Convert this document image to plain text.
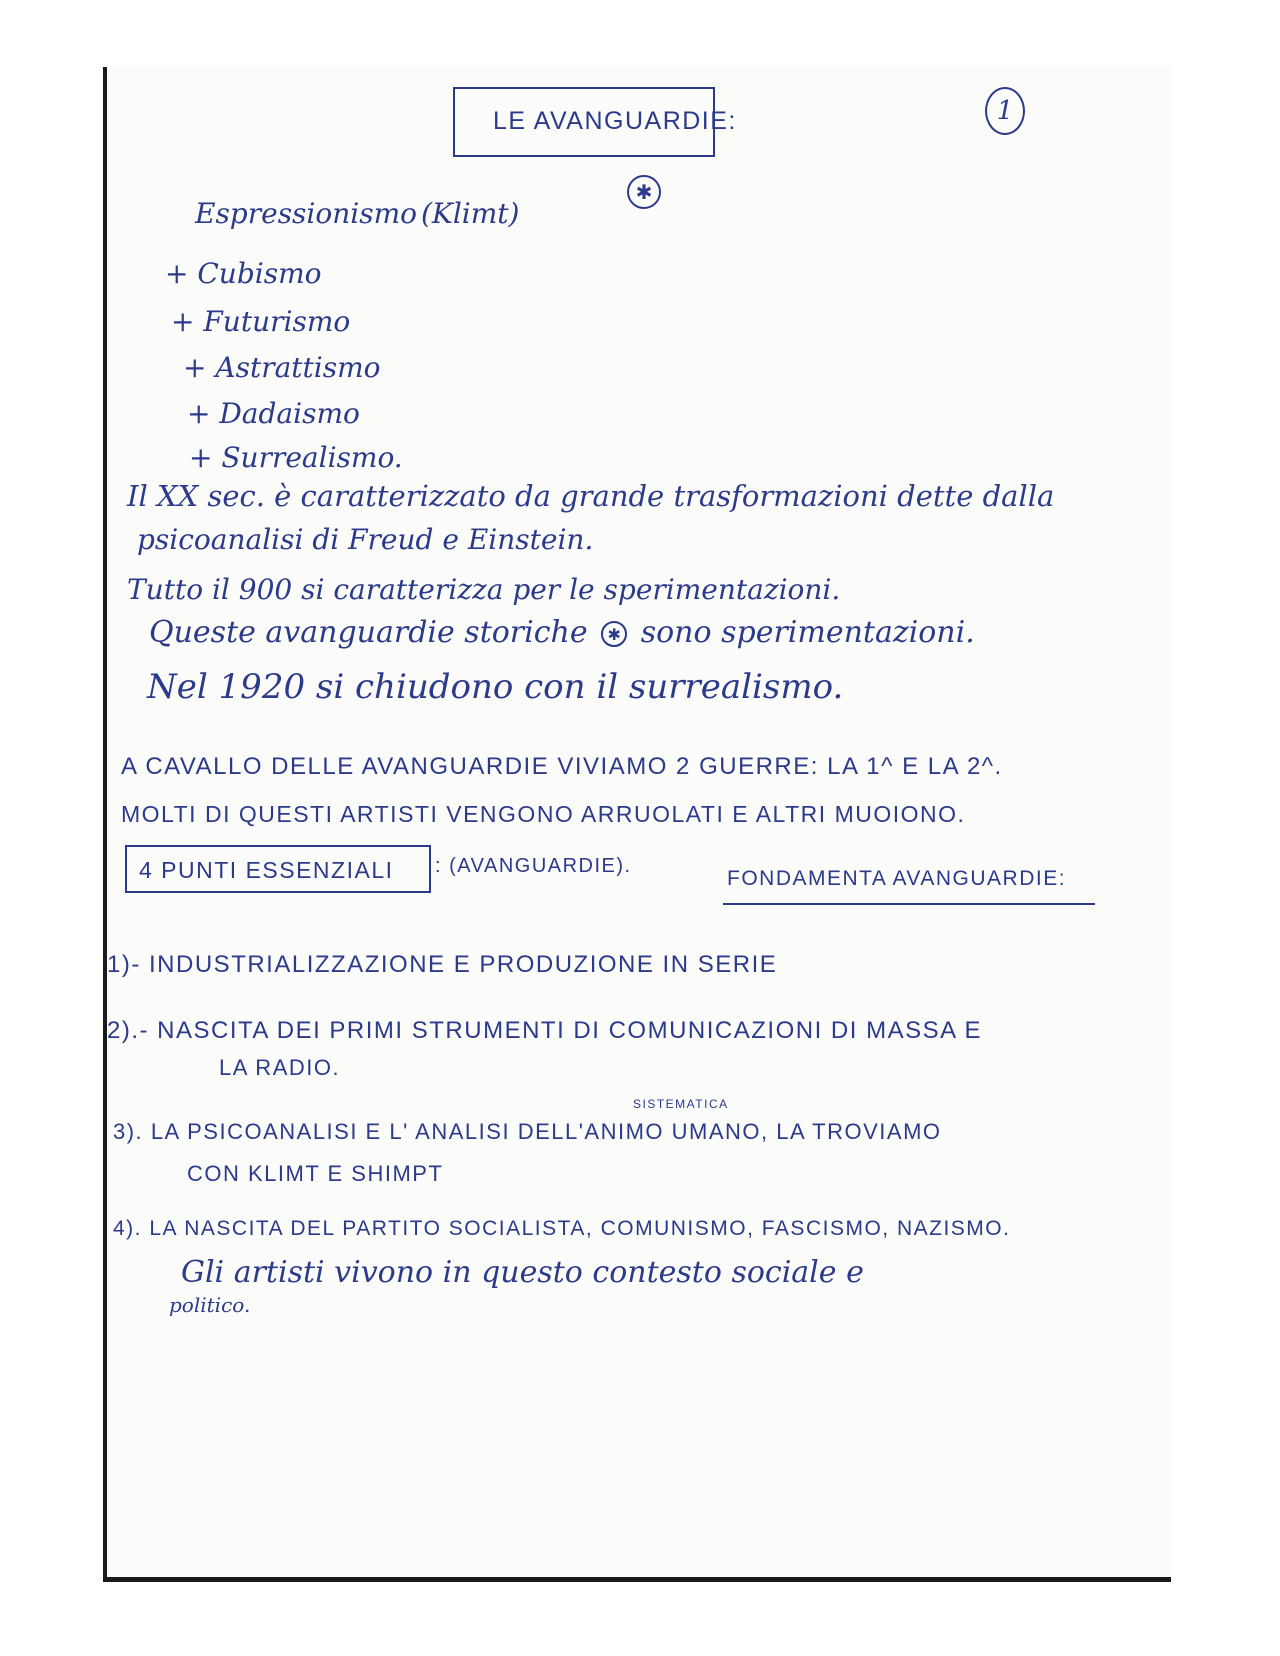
LE AVANGUARDIE:	1
✱
Espressionismo (Klimt)
+ Cubismo
+ Futurismo
+ Astrattismo
+ Dadaismo
+ Surrealismo.
Il XX sec. è caratterizzato da grande trasformazioni dette dalla
psicoanalisi di Freud e Einstein.
Tutto il 900 si caratterizza per le sperimentazioni.
Queste avanguardie storiche ✱ sono sperimentazioni.
Nel 1920 si chiudono con il surrealismo.
A CAVALLO DELLE AVANGUARDIE VIVIAMO 2 GUERRE: LA 1^ E LA 2^.
MOLTI DI QUESTI ARTISTI VENGONO ARRUOLATI E ALTRI MUOIONO.
4 PUNTI ESSENZIALI : (AVANGUARDIE).
FONDAMENTA AVANGUARDIE:
1)- INDUSTRIALIZZAZIONE E PRODUZIONE IN SERIE
2).- NASCITA DEI PRIMI STRUMENTI DI COMUNICAZIONI DI MASSA E
LA RADIO.
SISTEMATICA
3). LA PSICOANALISI E L' ANALISI DELL'ANIMO UMANO, LA TROVIAMO
CON KLIMT E SHIMPT
4). LA NASCITA DEL PARTITO SOCIALISTA, COMUNISMO, FASCISMO, NAZISMO.
Gli artisti vivono in questo contesto sociale e
politico.
